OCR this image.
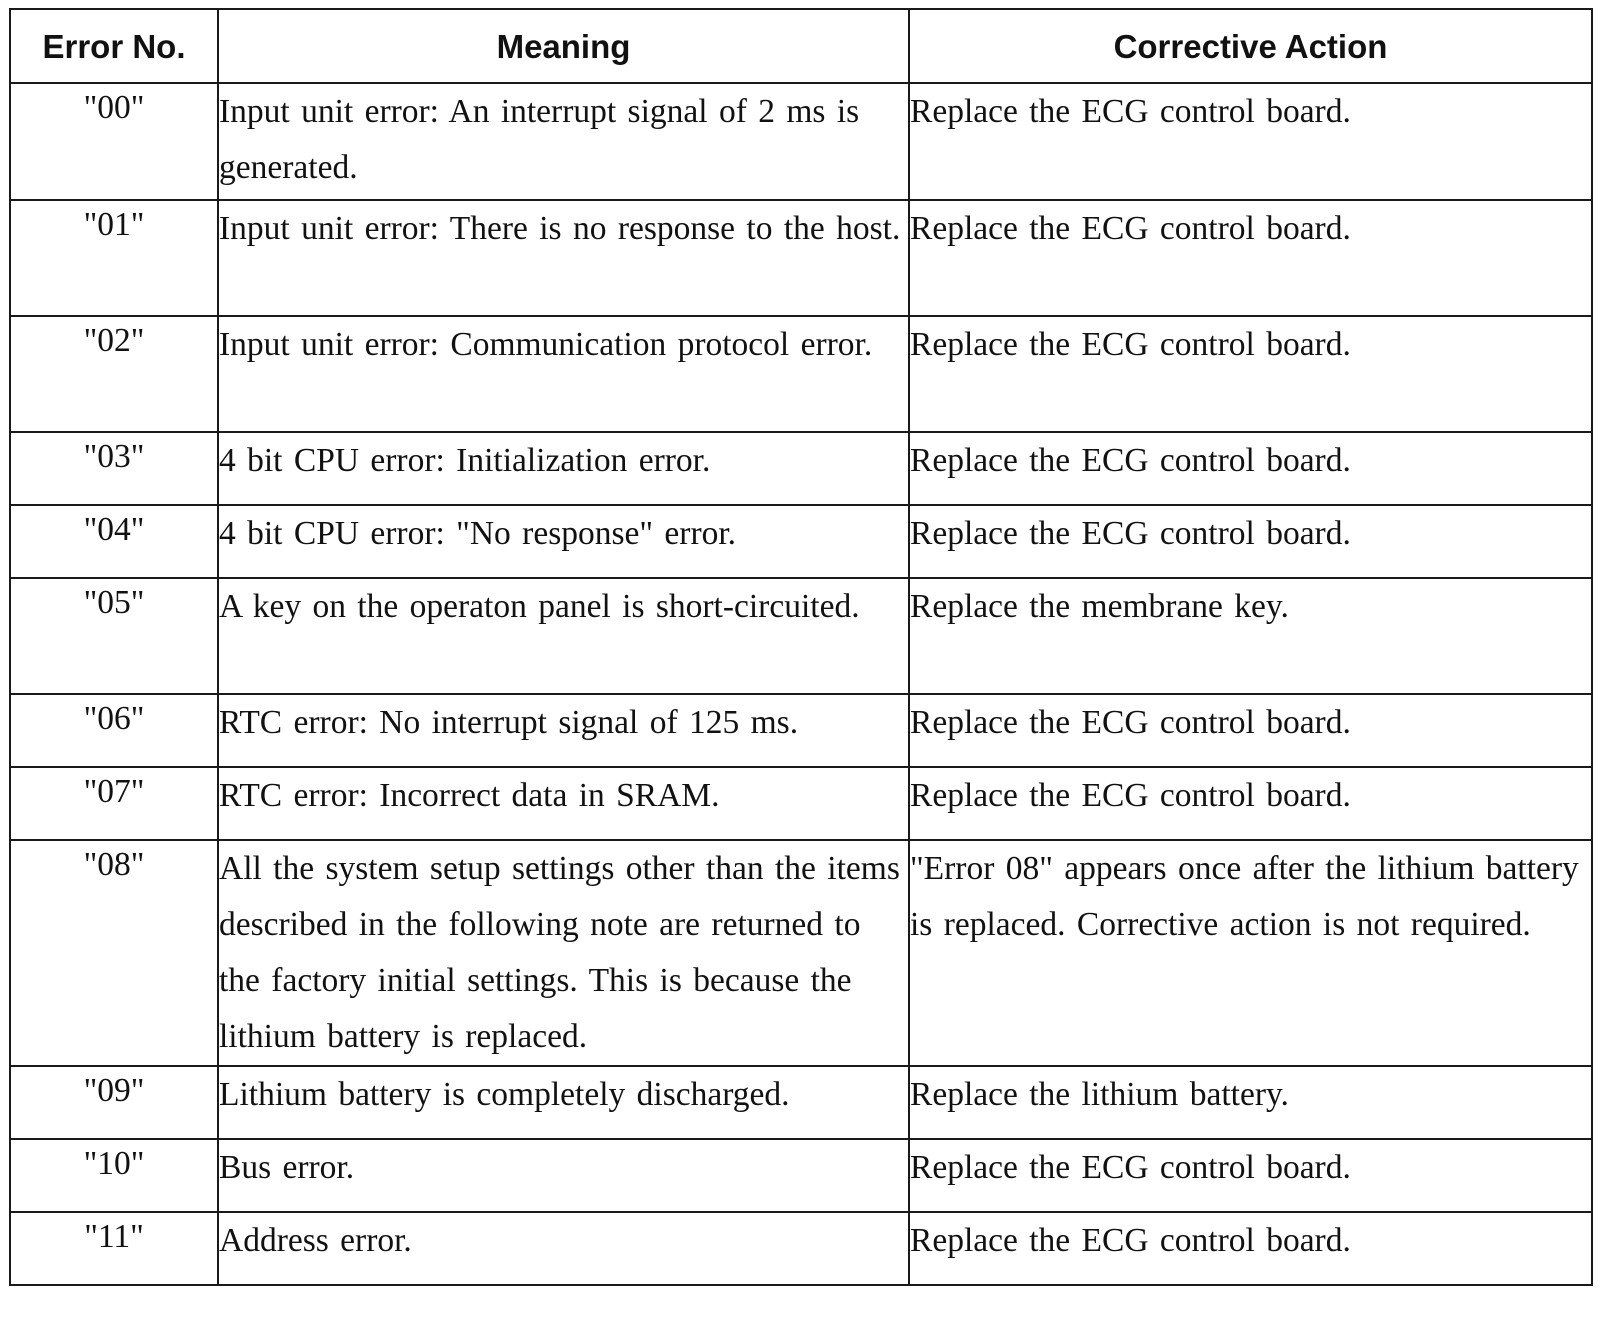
Error No.	Meaning	Corrective Action

"00"	Input unit error: An interrupt signal of 2 ms is generated.	Replace the ECG control board.

"01"	Input unit error: There is no response to the host.	Replace the ECG control board.

"02"	Input unit error: Communication protocol error.	Replace the ECG control board.

"03"	4 bit CPU error: Initialization error.	Replace the ECG control board.

"04"	4 bit CPU error: "No response" error.	Replace the ECG control board.

"05"	A key on the operaton panel is short-circuited.	Replace the membrane key.

"06"	RTC error: No interrupt signal of 125 ms.	Replace the ECG control board.

"07"	RTC error: Incorrect data in SRAM.	Replace the ECG control board.

"08"	All the system setup settings other than the items described in the following note are returned to the factory initial settings. This is because the lithium battery is replaced.	"Error 08" appears once after the lithium battery is replaced. Corrective action is not required.

"09"	Lithium battery is completely discharged.	Replace the lithium battery.

"10"	Bus error.	Replace the ECG control board.

"11"	Address error.	Replace the ECG control board.
